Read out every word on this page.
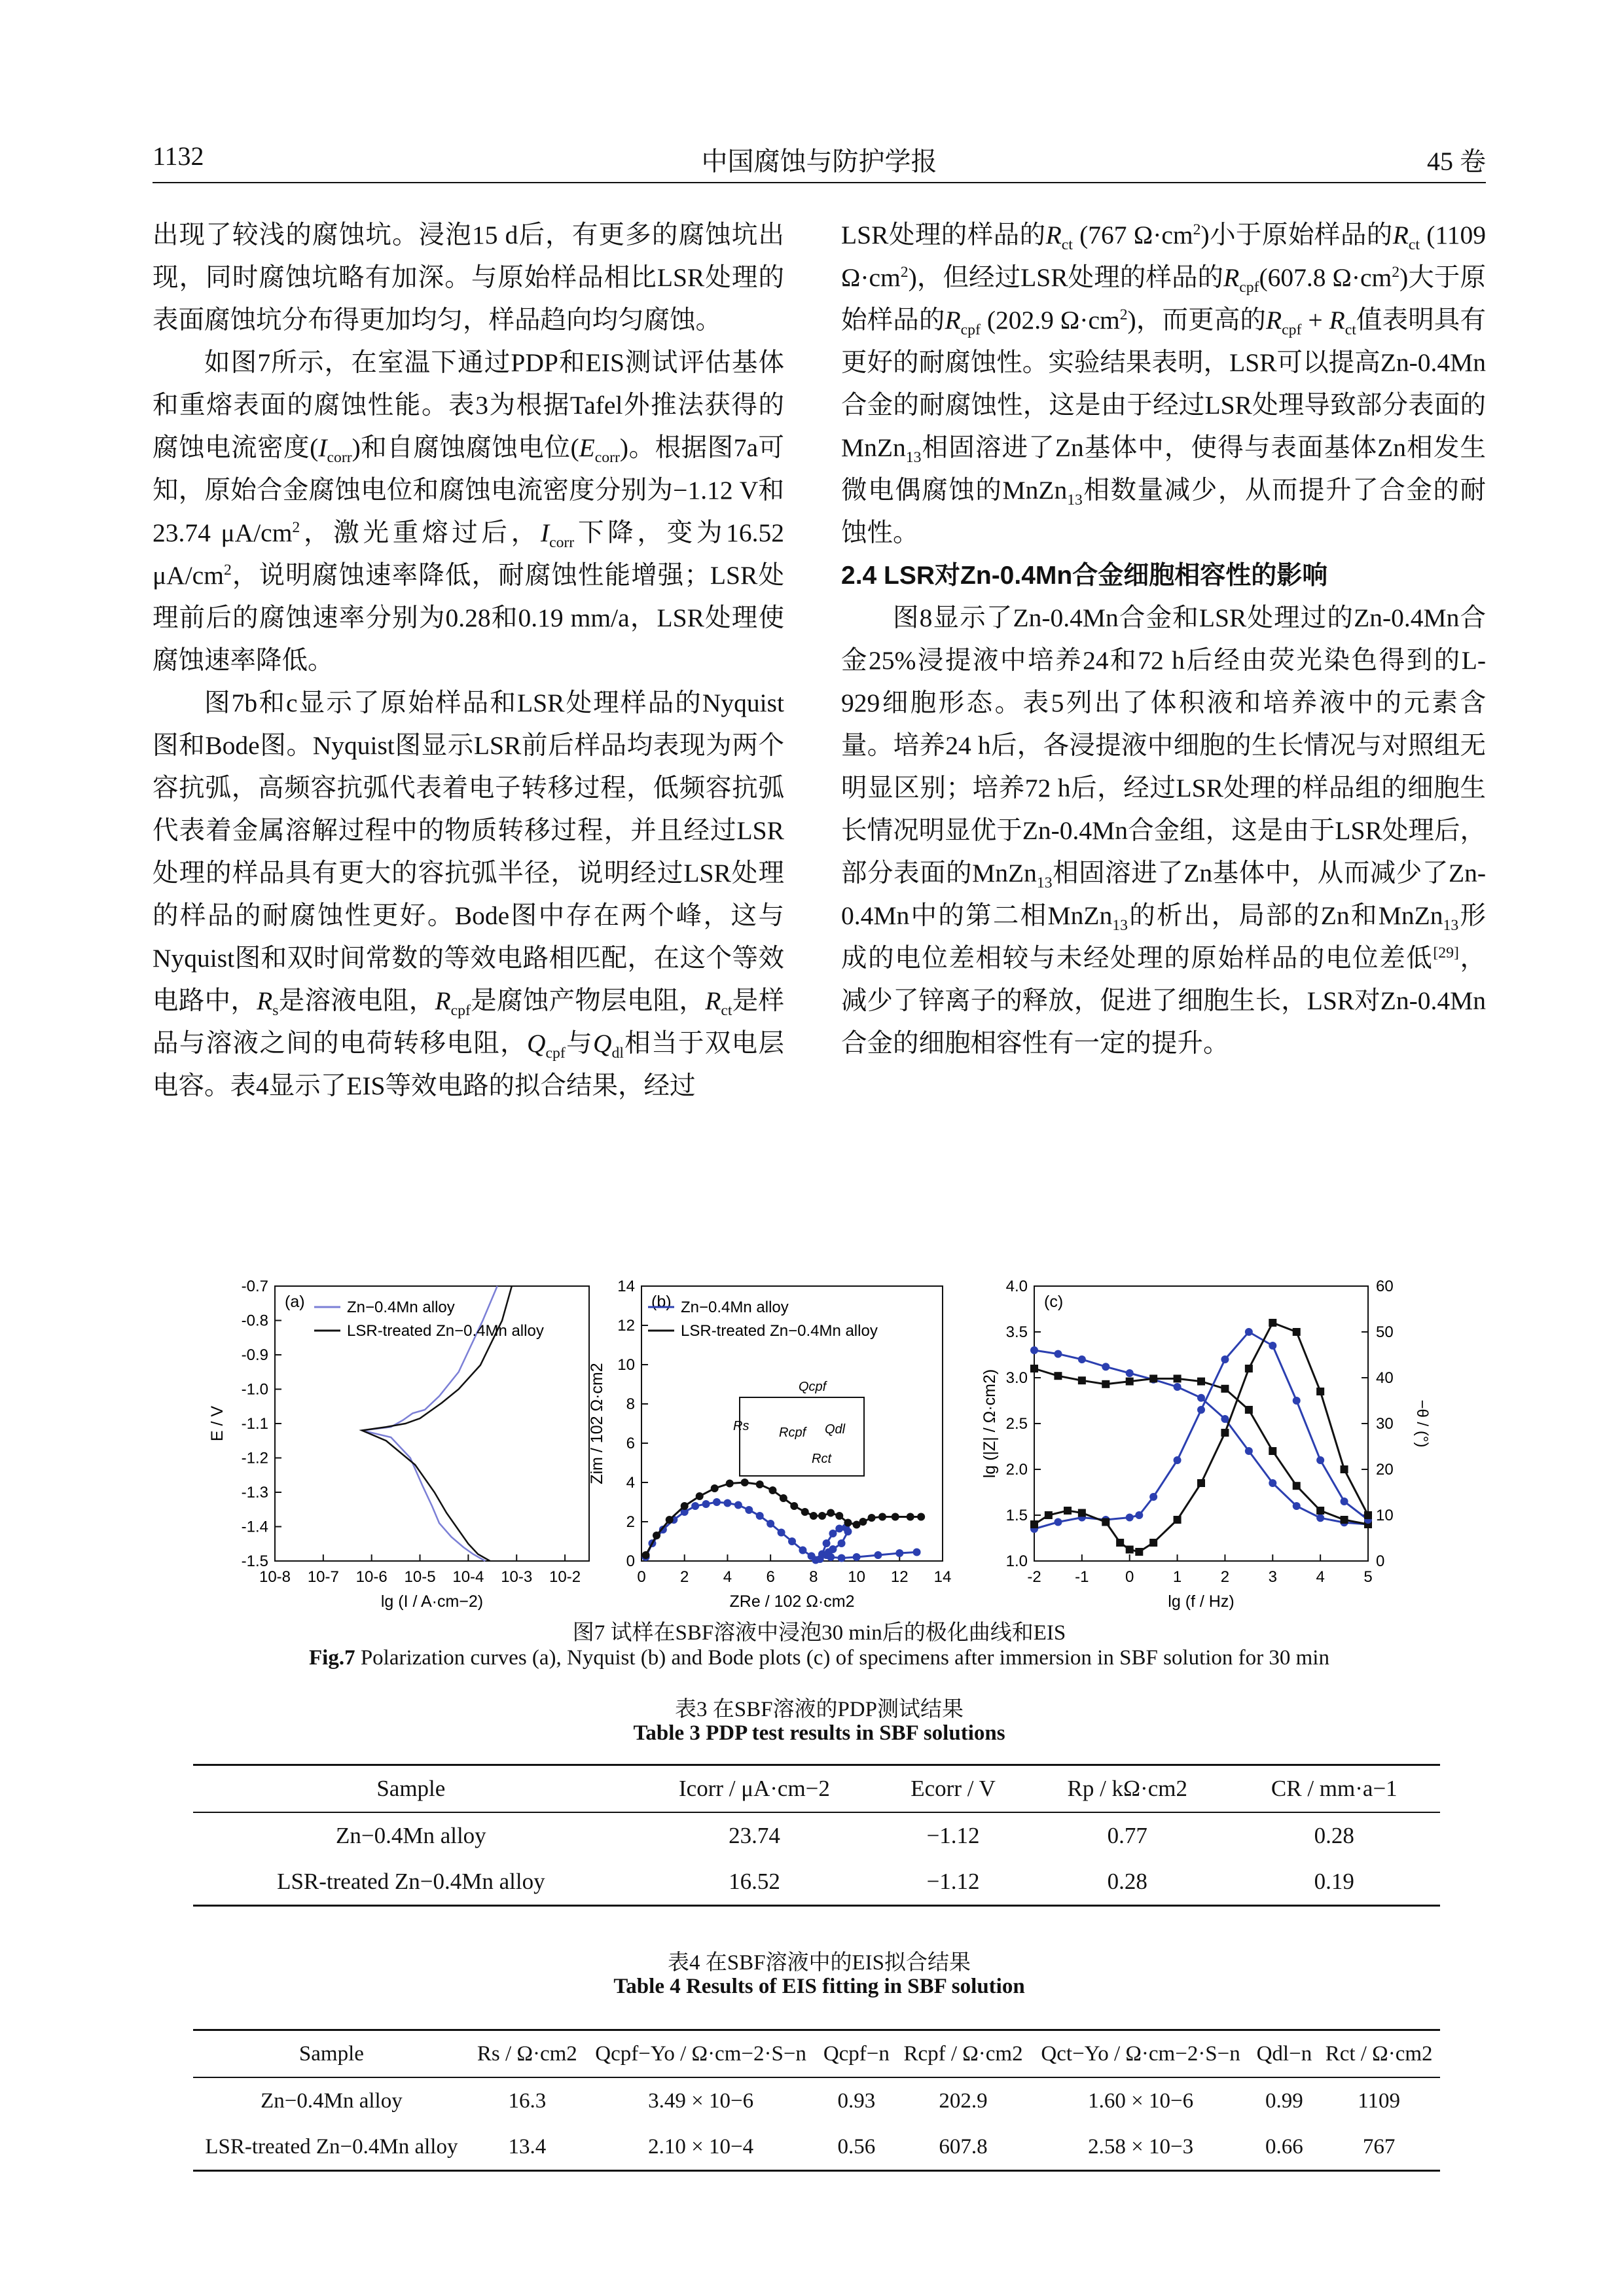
1132	中国腐蚀与防护学报	45 卷

出现了较浅的腐蚀坑。浸泡15 d后，有更多的腐蚀坑出现，同时腐蚀坑略有加深。与原始样品相比LSR处理的表面腐蚀坑分布得更加均匀，样品趋向均匀腐蚀。

如图7所示，在室温下通过PDP和EIS测试评估基体和重熔表面的腐蚀性能。表3为根据Tafel外推法获得的腐蚀电流密度$(I_{corr})$和自腐蚀腐蚀电位$(E_{corr})$。根据图7a可知，原始合金腐蚀电位和腐蚀电流密度分别为−1.12 V和23.74 $\mu A/cm^2$，激光重熔过后，$I_{corr}$下降，变为16.52 $\mu A/cm^2$，说明腐蚀速率降低，耐腐蚀性能增强；LSR处理前后的腐蚀速率分别为0.28和0.19 mm/a，LSR处理使腐蚀速率降低。

图7b和c显示了原始样品和LSR处理样品的Nyquist图和Bode图。Nyquist图显示LSR前后样品均表现为两个容抗弧，高频容抗弧代表着电子转移过程，低频容抗弧代表着金属溶解过程中的物质转移过程，并且经过LSR处理的样品具有更大的容抗弧半径，说明经过LSR处理的样品的耐腐蚀性更好。Bode图中存在两个峰，这与Nyquist图和双时间常数的等效电路相匹配，在这个等效电路中，$R_s$是溶液电阻，$R_{cpf}$是腐蚀产物层电阻，$R_{ct}$是样品与溶液之间的电荷转移电阻，$Q_{cpf}$与$Q_{dl}$相当于双电层电容。表4显示了EIS等效电路的拟合结果，经过

LSR处理的样品的$R_{ct}$ (767 $\Omega\cdot cm^2$)小于原始样品的$R_{ct}$ (1109 $\Omega\cdot cm^2$)，但经过LSR处理的样品的$R_{cpf}(607.8$ $\Omega\cdot cm^2$)大于原始样品的$R_{cpf}$ (202.9 $\Omega\cdot cm^2$)，而更高的$R_{cpf} + R_{ct}$值表明具有更好的耐腐蚀性。实验结果表明，LSR可以提高Zn-0.4Mn合金的耐腐蚀性，这是由于经过LSR处理导致部分表面的MnZn$_{13}$相固溶进了Zn基体中，使得与表面基体Zn相发生微电偶腐蚀的MnZn$_{13}$相数量减少，从而提升了合金的耐蚀性。

2.4 LSR对Zn-0.4Mn合金细胞相容性的影响

图8显示了Zn-0.4Mn合金和LSR处理过的Zn-0.4Mn合金25%浸提液中培养24和72 h后经由荧光染色得到的L-929细胞形态。表5列出了体积液和培养液中的元素含量。培养24 h后，各浸提液中细胞的生长情况与对照组无明显区别；培养72 h后，经过LSR处理的样品组的细胞生长情况明显优于Zn-0.4Mn合金组，这是由于LSR处理后，部分表面的MnZn$_{13}$相固溶进了Zn基体中，从而减少了Zn-0.4Mn中的第二相MnZn$_{13}$的析出，局部的Zn和MnZn$_{13}$形成的电位差相较与未经处理的原始样品的电位差低[29]，减少了锌离子的释放，促进了细胞生长，LSR对Zn-0.4Mn合金的细胞相容性有一定的提升。

10-8 10-7 10-6 10-5 10-4 10-3 10-2
-0.7
-0.8
-0.9
-1.0
-1.1
-1.2
-1.3
-1.4
-1.5
lg (I / A·cm−2)
E / V
(a)	Zn−0.4Mn alloy
LSR-treated Zn−0.4Mn alloy
0 2 4 6 8 10 12 14
0
2
4
6
8
10
12
14
ZRe / 102 Ω·cm2
Zim / 102 Ω·cm2
(b) Zn−0.4Mn alloy
LSR-treated Zn−0.4Mn alloy
Rs
Qcpf
Rcpf Qdl
Rct
-2 -1 0 1 2 3 4 5
1.0
1.5
2.0
2.5
3.0
3.5
4.0
0
10
20
30
40
50
60
−θ / (°)
lg (f / Hz)
lg (|Z| / Ω·cm2)
(c)
图7 试样在SBF溶液中浸泡30 min后的极化曲线和EIS
Fig.7 Polarization curves (a), Nyquist (b) and Bode plots (c) of specimens after immersion in SBF solution for 30 min
表3 在SBF溶液的PDP测试结果
Table 3 PDP test results in SBF solutions
Sample	Icorr / μA·cm−2	Ecorr / V	Rp / kΩ·cm2	CR / mm·a−1
Zn−0.4Mn alloy	23.74	−1.12	0.77	0.28
LSR-treated Zn−0.4Mn alloy	16.52	−1.12	0.28	0.19
表4 在SBF溶液中的EIS拟合结果
Table 4 Results of EIS fitting in SBF solution
Sample	Rs / Ω·cm2	Qcpf−Yo / Ω·cm−2·S−n	Qcpf−n	Rcpf / Ω·cm2	Qct−Yo / Ω·cm−2·S−n	Qdl−n	Rct / Ω·cm2
Zn−0.4Mn alloy	16.3	3.49 × 10−6	0.93	202.9	1.60 × 10−6	0.99	1109
LSR-treated Zn−0.4Mn alloy	13.4	2.10 × 10−4	0.56	607.8	2.58 × 10−3	0.66	767
